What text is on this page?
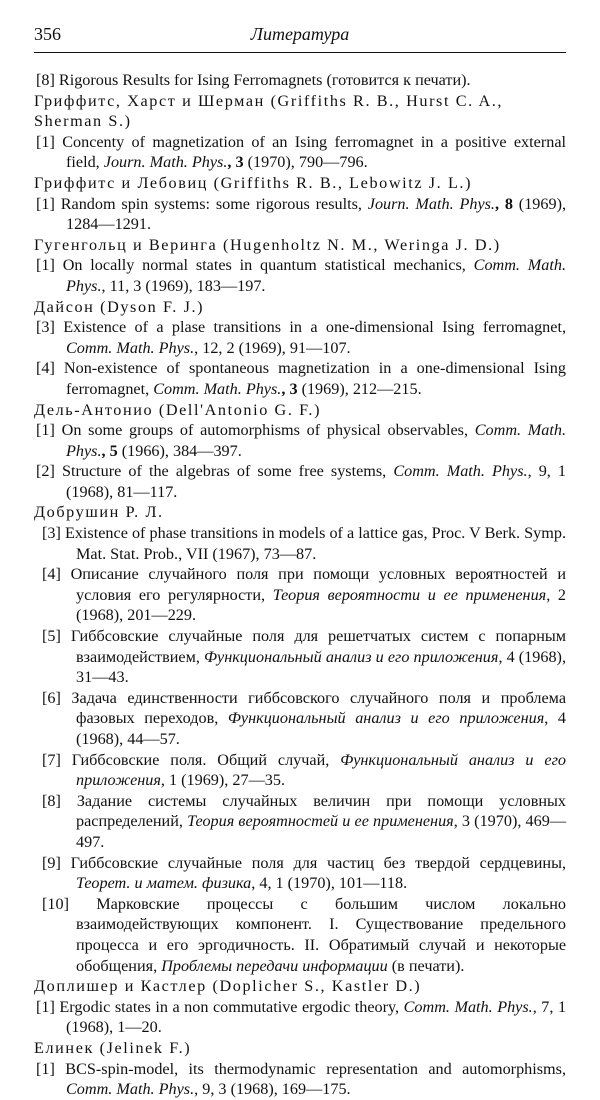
356	Литература

[8] Rigorous Results for Ising Ferromagnets (готовится к печати).

Гриффитс, Харст и Шерман (Griffiths R. B., Hurst C. A., Sherman S.)

[1] Concenty of magnetization of an Ising ferromagnet in a positive external field, Journ. Math. Phys., 3 (1970), 790—796.

Гриффитс и Лебовиц (Griffiths R. B., Lebowitz J. L.)

[1] Random spin systems: some rigorous results, Journ. Math. Phys., 8 (1969), 1284—1291.

Гугенгольц и Веринга (Hugenholtz N. M., Weringa J. D.)

[1] On locally normal states in quantum statistical mechanics, Comm. Math. Phys., 11, 3 (1969), 183—197.

Дайсон (Dyson F. J.)

[3] Existence of a plase transitions in a one-dimensional Ising ferromagnet, Comm. Math. Phys., 12, 2 (1969), 91—107.

[4] Non-existence of spontaneous magnetization in a one-dimensional Ising ferromagnet, Comm. Math. Phys., 3 (1969), 212—215.

Дель-Антонио (Dell'Antonio G. F.)

[1] On some groups of automorphisms of physical observables, Comm. Math. Phys., 5 (1966), 384—397.

[2] Structure of the algebras of some free systems, Comm. Math. Phys., 9, 1 (1968), 81—117.

Добрушин Р. Л.

[3] Existence of phase transitions in models of a lattice gas, Proc. V Berk. Symp. Mat. Stat. Prob., VII (1967), 73—87.

[4] Описание случайного поля при помощи условных вероятностей и условия его регулярности, Теория вероятности и ее применения, 2 (1968), 201—229.

[5] Гиббсовские случайные поля для решетчатых систем с попарным взаимодействием, Функциональный анализ и его приложения, 4 (1968), 31—43.

[6] Задача единственности гиббсовского случайного поля и проблема фазовых переходов, Функциональный анализ и его приложения, 4 (1968), 44—57.

[7] Гиббсовские поля. Общий случай, Функциональный анализ и его приложения, 1 (1969), 27—35.

[8] Задание системы случайных величин при помощи условных распределений, Теория вероятностей и ее применения, 3 (1970), 469—497.

[9] Гиббсовские случайные поля для частиц без твердой сердцевины, Теорет. и матем. физика, 4, 1 (1970), 101—118.

[10] Марковские процессы с большим числом локально взаимодействующих компонент. I. Существование предельного процесса и его эргодичность. II. Обратимый случай и некоторые обобщения, Проблемы передачи информации (в печати).

Доплишер и Кастлер (Doplicher S., Kastler D.)

[1] Ergodic states in a non commutative ergodic theory, Comm. Math. Phys., 7, 1 (1968), 1—20.

Елинек (Jelinek F.)

[1] BCS-spin-model, its thermodynamic representation and automorphisms, Comm. Math. Phys., 9, 3 (1968), 169—175.
